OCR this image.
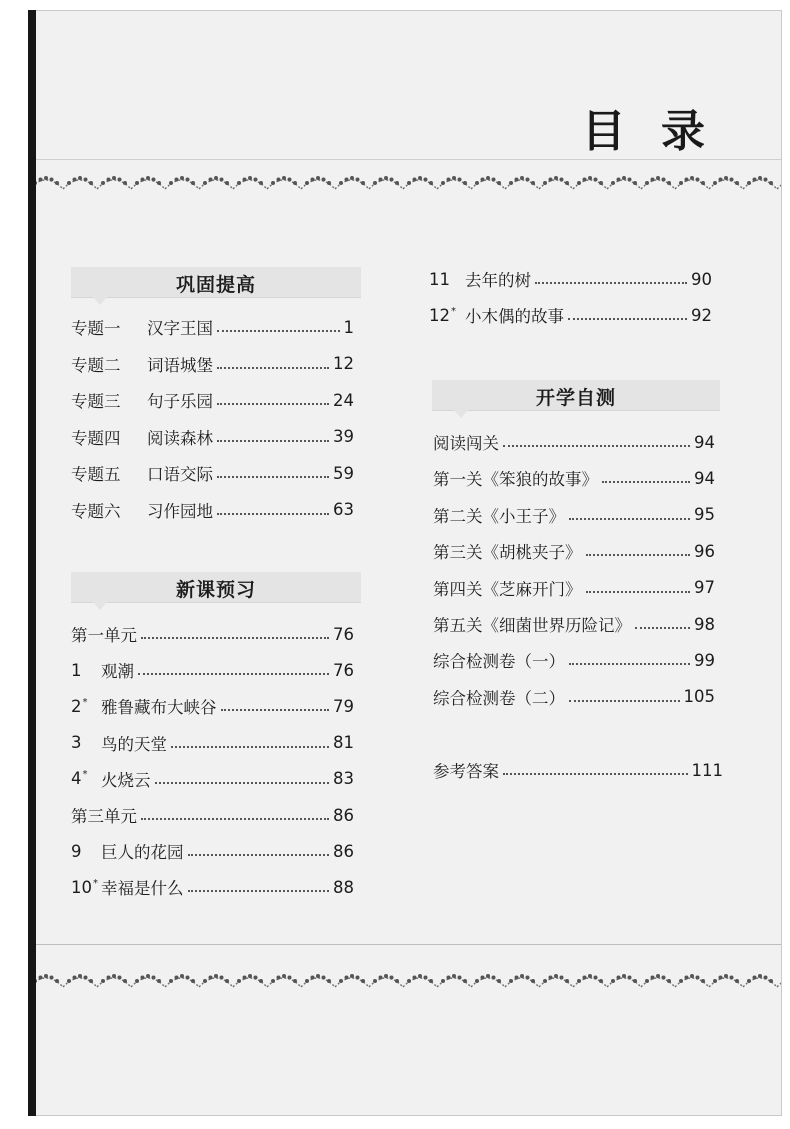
目 录
巩固提高
专题一	汉字王国	1
专题二	词语城堡	12
专题三	句子乐园	24
专题四	阅读森林	39
专题五	口语交际	59
专题六	习作园地	63
新课预习
第一单元	76
1	观潮	76
2* 雅鲁藏布大峡谷	79
3	鸟的天堂	81
4* 火烧云	83
第三单元	86
9	巨人的花园	86
10* 幸福是什么	88
11 去年的树	90
12* 小木偶的故事	92
开学自测
阅读闯关	94
第一关《笨狼的故事》	94
第二关《小王子》	95
第三关《胡桃夹子》	96
第四关《芝麻开门》	97
第五关《细菌世界历险记》	98
综合检测卷（一）	99
综合检测卷（二）	105
参考答案	111
